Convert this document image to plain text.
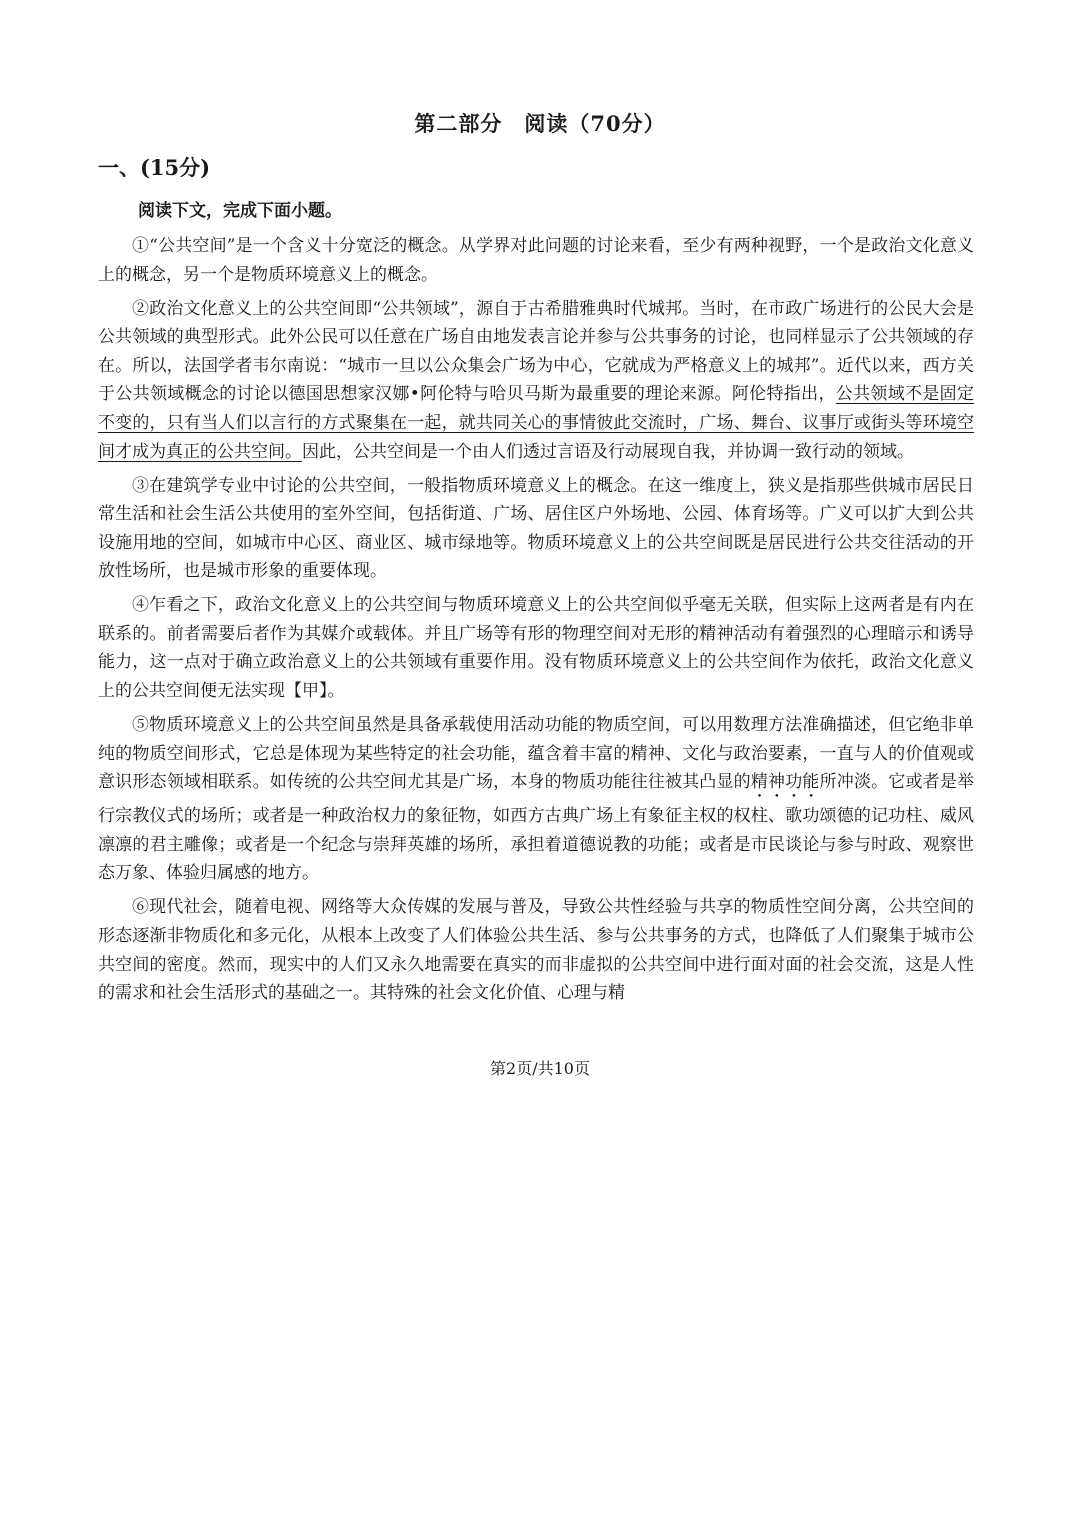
第二部分　阅读（70分）
一、(15分)
阅读下文，完成下面小题。

①“公共空间”是一个含义十分宽泛的概念。从学界对此问题的讨论来看，至少有两种视野，一个是政治文化意义上的概念，另一个是物质环境意义上的概念。

②政治文化意义上的公共空间即“公共领域”，源自于古希腊雅典时代城邦。当时，在市政广场进行的公民大会是公共领域的典型形式。此外公民可以任意在广场自由地发表言论并参与公共事务的讨论，也同样显示了公共领域的存在。所以，法国学者韦尔南说：“城市一旦以公众集会广场为中心，它就成为严格意义上的城邦”。近代以来，西方关于公共领域概念的讨论以德国思想家汉娜•阿伦特与哈贝马斯为最重要的理论来源。阿伦特指出，公共领域不是固定不变的，只有当人们以言行的方式聚集在一起，就共同关心的事情彼此交流时，广场、舞台、议事厅或街头等环境空间才成为真正的公共空间。因此，公共空间是一个由人们透过言语及行动展现自我，并协调一致行动的领域。

③在建筑学专业中讨论的公共空间，一般指物质环境意义上的概念。在这一维度上，狭义是指那些供城市居民日常生活和社会生活公共使用的室外空间，包括街道、广场、居住区户外场地、公园、体育场等。广义可以扩大到公共设施用地的空间，如城市中心区、商业区、城市绿地等。物质环境意义上的公共空间既是居民进行公共交往活动的开放性场所，也是城市形象的重要体现。

④乍看之下，政治文化意义上的公共空间与物质环境意义上的公共空间似乎毫无关联，但实际上这两者是有内在联系的。前者需要后者作为其媒介或载体。并且广场等有形的物理空间对无形的精神活动有着强烈的心理暗示和诱导能力，这一点对于确立政治意义上的公共领域有重要作用。没有物质环境意义上的公共空间作为依托，政治文化意义上的公共空间便无法实现【甲】。

⑤物质环境意义上的公共空间虽然是具备承载使用活动功能的物质空间，可以用数理方法准确描述，但它绝非单纯的物质空间形式，它总是体现为某些特定的社会功能，蕴含着丰富的精神、文化与政治要素，一直与人的价值观或意识形态领域相联系。如传统的公共空间尤其是广场，本身的物质功能往往被其凸显的精神功能所冲淡。它或者是举行宗教仪式的场所；或者是一种政治权力的象征物，如西方古典广场上有象征主权的权柱、歌功颂德的记功柱、威风凛凛的君主雕像；或者是一个纪念与崇拜英雄的场所，承担着道德说教的功能；或者是市民谈论与参与时政、观察世态万象、体验归属感的地方。

⑥现代社会，随着电视、网络等大众传媒的发展与普及，导致公共性经验与共享的物质性空间分离，公共空间的形态逐渐非物质化和多元化，从根本上改变了人们体验公共生活、参与公共事务的方式，也降低了人们聚集于城市公共空间的密度。然而，现实中的人们又永久地需要在真实的而非虚拟的公共空间中进行面对面的社会交流，这是人性的需求和社会生活形式的基础之一。其特殊的社会文化价值、心理与精

第2页/共10页
